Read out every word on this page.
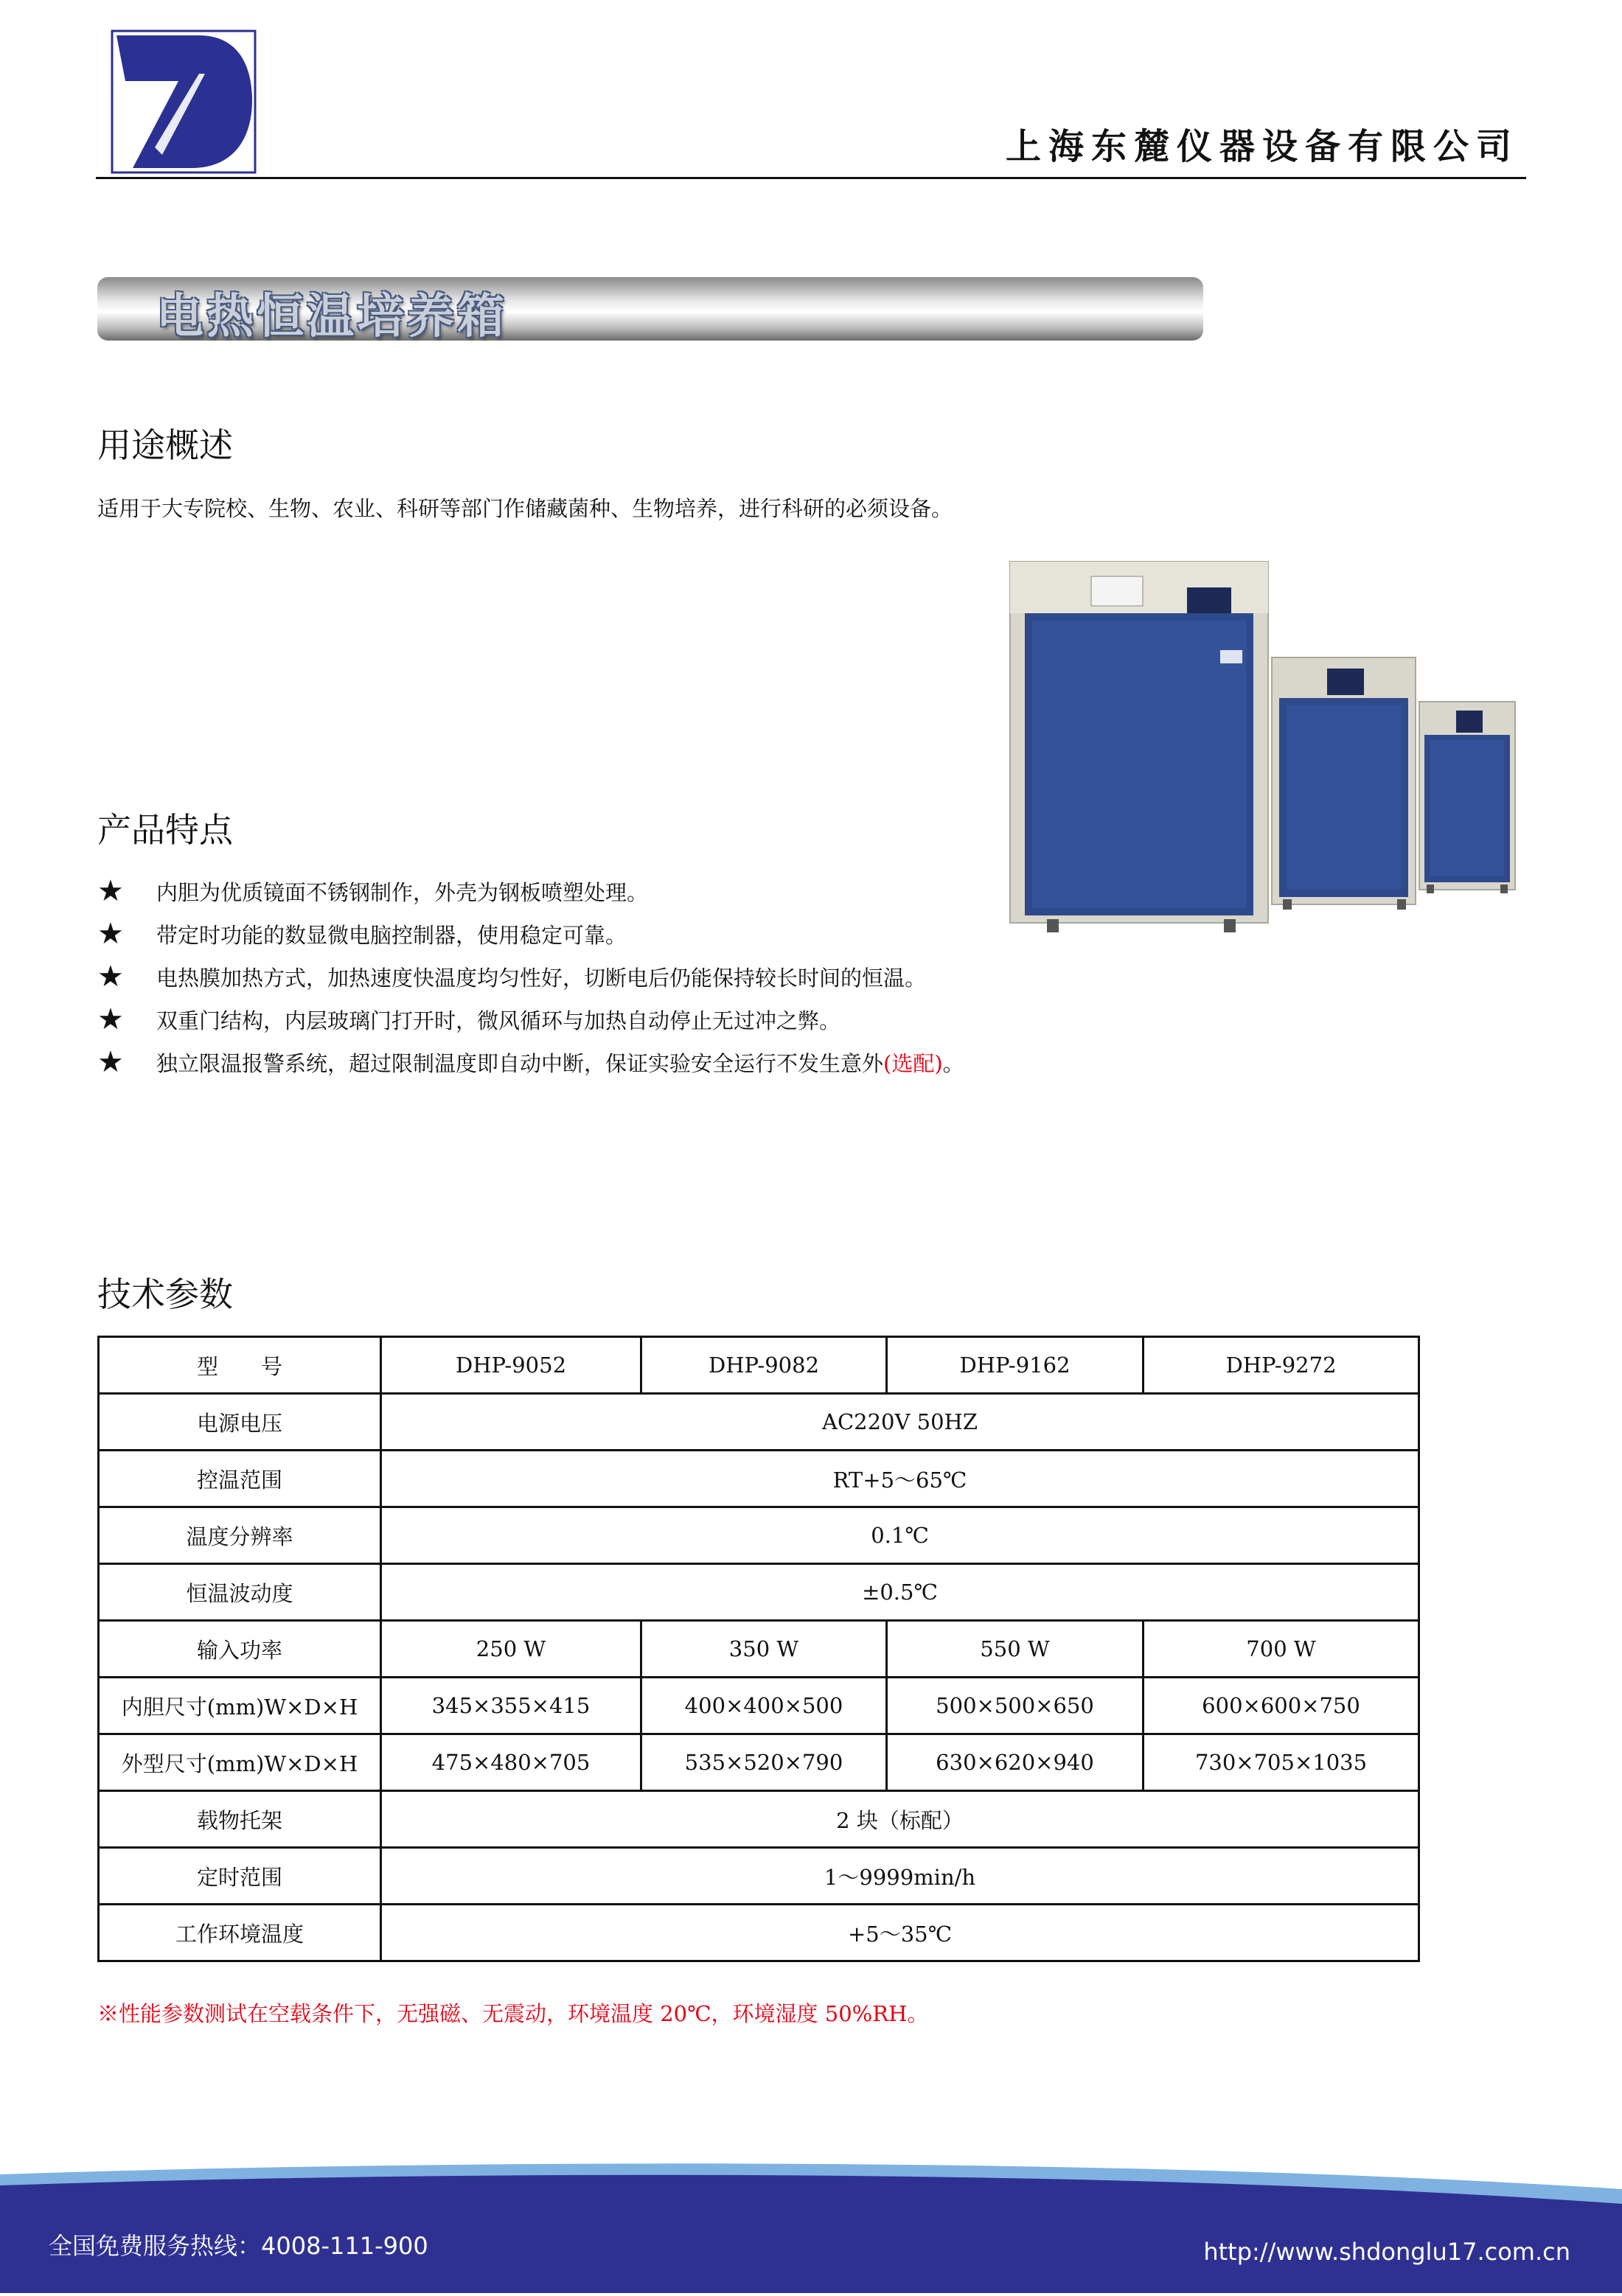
上海东麓仪器设备有限公司
电热恒温培养箱
用途概述
适用于大专院校、生物、农业、科研等部门作储藏菌种、生物培养，进行科研的必须设备。
产品特点
★	内胆为优质镜面不锈钢制作，外壳为钢板喷塑处理。
★	带定时功能的数显微电脑控制器，使用稳定可靠。
★	电热膜加热方式，加热速度快温度均匀性好，切断电后仍能保持较长时间的恒温。
★	双重门结构，内层玻璃门打开时，微风循环与加热自动停止无过冲之弊。
★	独立限温报警系统，超过限制温度即自动中断，保证实验安全运行不发生意外 (选配) 。
技术参数
型　　号	DHP-9052	DHP-9082	DHP-9162	DHP-9272
电源电压	AC220V 50HZ			
控温范围	RT+5～65℃			
温度分辨率	0.1℃			
恒温波动度	±0.5℃			
输入功率	250 W	350 W	550 W	700 W
内胆尺寸(mm)W×D×H	345×355×415	400×400×500	500×500×650	600×600×750
外型尺寸(mm)W×D×H	475×480×705	535×520×790	630×620×940	730×705×1035
载物托架	2 块（标配）			
定时范围	1～9999min/h			
工作环境温度	+5～35℃			
※性能参数测试在空载条件下，无强磁、无震动，环境温度 20℃，环境湿度 50%RH。
全国免费服务热线：4008-111-900	http://www.shdonglu17.com.cn
